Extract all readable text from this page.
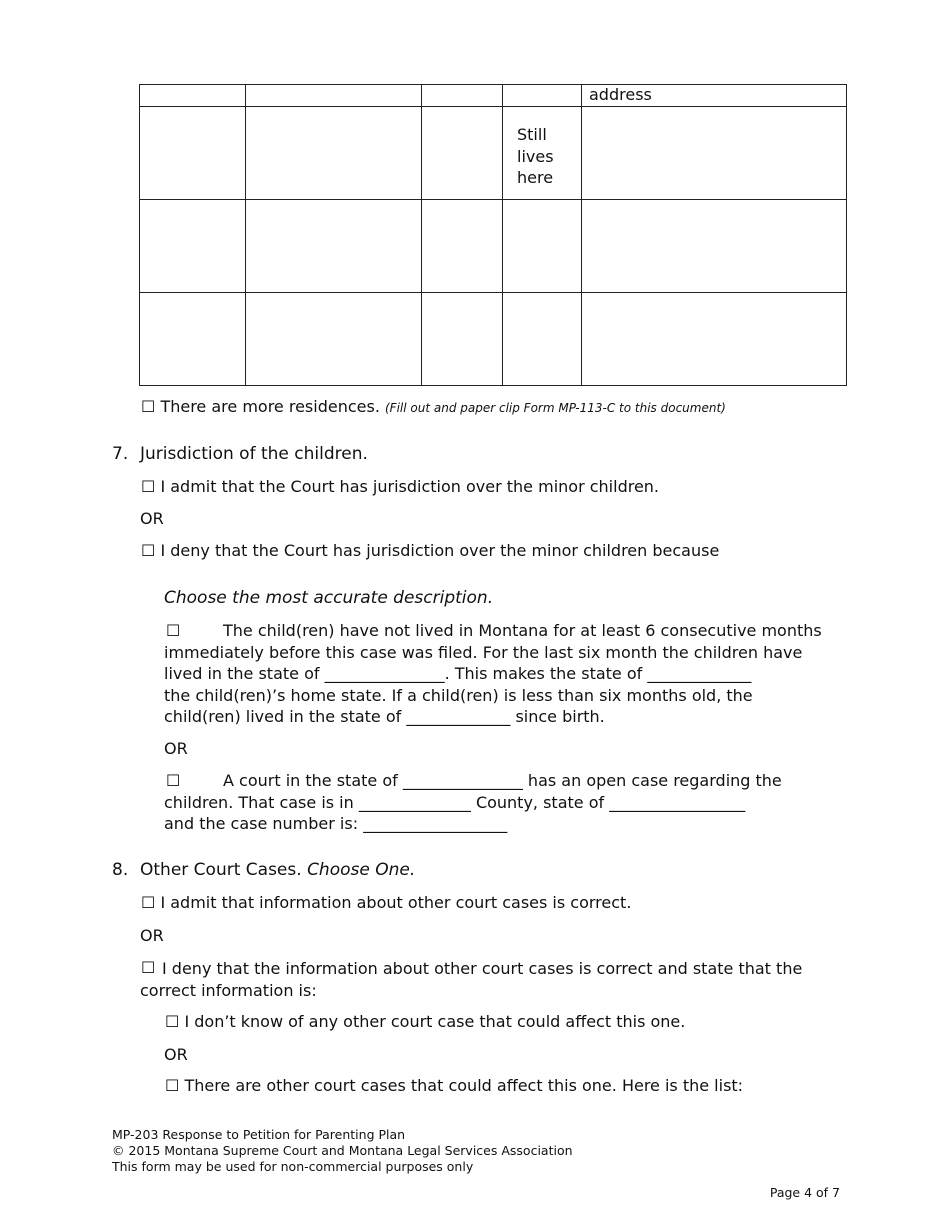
				address

			Still
lives
here	

☐ There are more residences. (Fill out and paper clip Form MP-113-C to this document)
7. Jurisdiction of the children.
☐ I admit that the Court has jurisdiction over the minor children.
OR
☐ I deny that the Court has jurisdiction over the minor children because
Choose the most accurate description.
☐	The child(ren) have not lived in Montana for at least 6 consecutive months
immediately before this case was filed. For the last six month the children have
lived in the state of _______________. This makes the state of _____________
the child(ren)’s home state. If a child(ren) is less than six months old, the
child(ren) lived in the state of _____________ since birth.
OR
☐	A court in the state of _______________ has an open case regarding the
children. That case is in ______________ County, state of _________________
and the case number is: __________________
8. Other Court Cases. Choose One.
☐ I admit that information about other court cases is correct.
OR
☐ I deny that the information about other court cases is correct and state that the
correct information is:
☐ I don’t know of any other court case that could affect this one.
OR
☐ There are other court cases that could affect this one. Here is the list:
MP-203 Response to Petition for Parenting Plan
© 2015 Montana Supreme Court and Montana Legal Services Association
This form may be used for non-commercial purposes only
Page 4 of 7
